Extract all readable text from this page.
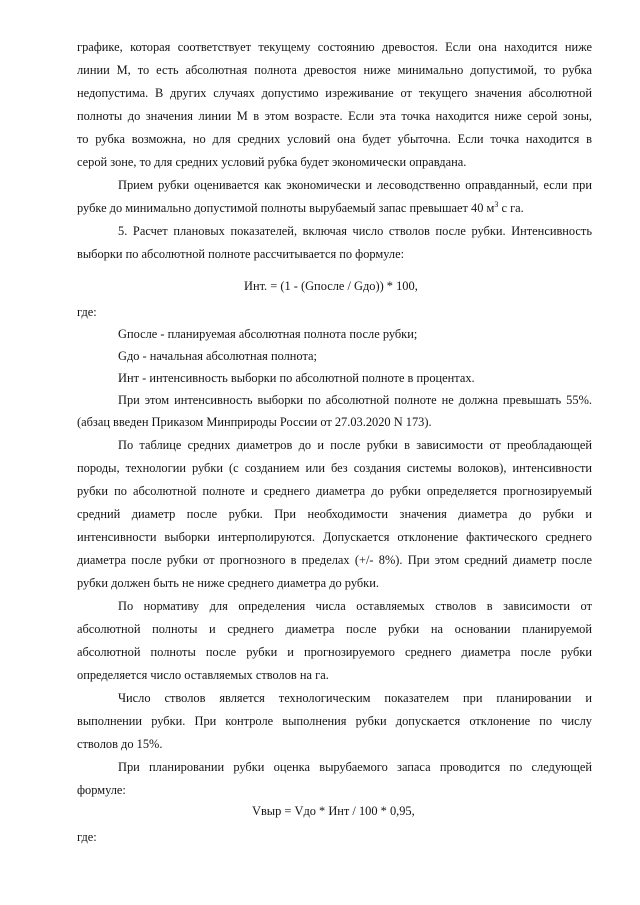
графике, которая соответствует текущему состоянию древостоя. Если она находится ниже
линии М, то есть абсолютная полнота древостоя ниже минимально допустимой, то рубка
недопустима. В других случаях допустимо изреживание от текущего значения абсолютной
полноты до значения линии М в этом возрасте. Если эта точка находится ниже серой зоны,
то рубка возможна, но для средних условий она будет убыточна. Если точка находится в
серой зоне, то для средних условий рубка будет экономически оправдана.
Прием рубки оценивается как экономически и лесоводственно оправданный, если при
рубке до минимально допустимой полноты вырубаемый запас превышает 40 $м^3$ с га.
5. Расчет плановых показателей, включая число стволов после рубки. Интенсивность
выборки по абсолютной полноте рассчитывается по формуле:
Инт. = (1 - (Gпосле / Gдо)) * 100,
где:
Gпосле - планируемая абсолютная полнота после рубки;
Gдо - начальная абсолютная полнота;
Инт - интенсивность выборки по абсолютной полноте в процентах.
При этом интенсивность выборки по абсолютной полноте не должна превышать 55%.
(абзац введен Приказом Минприроды России от 27.03.2020 N 173).
По таблице средних диаметров до и после рубки в зависимости от преобладающей
породы, технологии рубки (с созданием или без создания системы волоков), интенсивности
рубки по абсолютной полноте и среднего диаметра до рубки определяется прогнозируемый
средний диаметр после рубки. При необходимости значения диаметра до рубки и
интенсивности выборки интерполируются. Допускается отклонение фактического среднего
диаметра после рубки от прогнозного в пределах (+/- 8%). При этом средний диаметр после
рубки должен быть не ниже среднего диаметра до рубки.
По нормативу для определения числа оставляемых стволов в зависимости от
абсолютной полноты и среднего диаметра после рубки на основании планируемой
абсолютной полноты после рубки и прогнозируемого среднего диаметра после рубки
определяется число оставляемых стволов на га.
Число стволов является технологическим показателем при планировании и
выполнении рубки. При контроле выполнения рубки допускается отклонение по числу
стволов до 15%.
При планировании рубки оценка вырубаемого запаса проводится по следующей
формуле:
Vвыр = Vдо * Инт / 100 * 0,95,
где:
